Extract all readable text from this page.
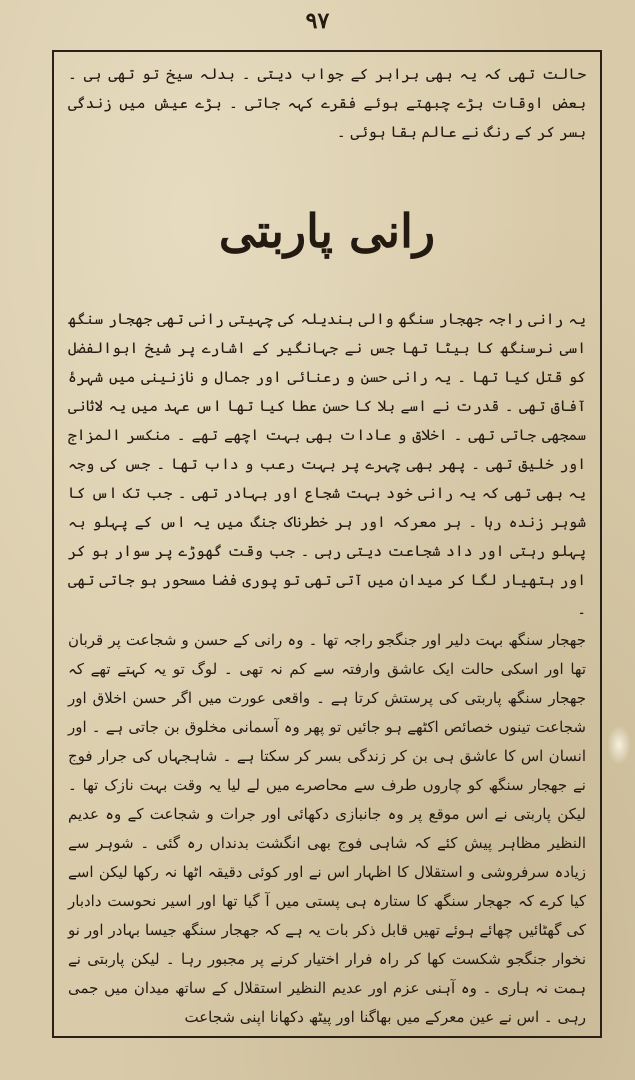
۹۷
حالت تھی کہ یہ بھی برابر کے جواب دیتی ۔ بدلہ سیخ تو تھی ہی ۔ بعض اوقات بڑے چبھتے ہوئے فقرے کہہ جاتی ۔ بڑے عیش میں زندگی بسر کر کے رنگ نے عالم بقا ہوئی ۔
رانی پاربتی

یہ رانی راجہ جھجار سنگھ والی بندیلہ کی چہیتی رانی تھی جھجار سنگھ اسی نرسنگھ کا بیٹا تھا جس نے جہانگیر کے اشارے پر شیخ ابوالفضل کو قتل کیا تھا ۔ یہ رانی حسن و رعنائی اور جمال و نازنینی میں شہرۂ آفاق تھی ۔ قدرت نے اسے بلا کا حسن عطا کیا تھا اس عہد میں یہ لاثانی سمجھی جاتی تھی ۔ اخلاق و عادات بھی بہت اچھے تھے ۔ منکسر المزاج اور خلیق تھی ۔ پھر بھی چہرے پر بہت رعب و داب تھا ۔ جس کی وجہ یہ بھی تھی کہ یہ رانی خود بہت شجاع اور بہادر تھی ۔ جب تک اس کا شوہر زندہ رہا ۔ ہر معرکہ اور ہر خطرناک جنگ میں یہ اس کے پہلو بہ پہلو رہتی اور داد شجاعت دیتی رہی ۔ جب وقت گھوڑے پر سوار ہو کر اور ہتھیار لگا کر میدان میں آتی تھی تو پوری فضا مسحور ہو جاتی تھی ۔

جھجار سنگھ بہت دلیر اور جنگجو راجہ تھا ۔ وہ رانی کے حسن و شجاعت پر قربان تھا اور اسکی حالت ایک عاشق وارفتہ سے کم نہ تھی ۔ لوگ تو یہ کہتے تھے کہ جھجار سنگھ پاربتی کی پرستش کرتا ہے ۔ واقعی عورت میں اگر حسن اخلاق اور شجاعت تینوں خصائص اکٹھے ہو جائیں تو پھر وہ آسمانی مخلوق بن جاتی ہے ۔ اور انسان اس کا عاشق ہی بن کر زندگی بسر کر سکتا ہے ۔ شاہجہاں کی جرار فوج نے جھجار سنگھ کو چاروں طرف سے محاصرے میں لے لیا یہ وقت بہت نازک تھا ۔ لیکن پاربتی نے اس موقع پر وہ جانبازی دکھائی اور جرات و شجاعت کے وہ عدیم النظیر مظاہر پیش کئے کہ شاہی فوج بھی انگشت بدنداں رہ گئی ۔ شوہر سے زیادہ سرفروشی و استقلال کا اظہار اس نے اور کوئی دقیقہ اٹھا نہ رکھا لیکن اسے کیا کرے کہ جھجار سنگھ کا ستارہ ہی پستی میں آ گیا تھا اور اسیر نحوست دادبار کی گھٹائیں چھائے ہوئے تھیں قابل ذکر بات یہ ہے کہ جھجار سنگھ جیسا بہادر اور نو نخوار جنگجو شکست کھا کر راہ فرار اختیار کرنے پر مجبور رہا ۔ لیکن پاربتی نے ہمت نہ ہاری ۔ وہ آہنی عزم اور عدیم النظیر استقلال کے ساتھ میدان میں جمی رہی ۔ اس نے عین معرکے میں بھاگنا اور پیٹھ دکھانا اپنی شجاعت
